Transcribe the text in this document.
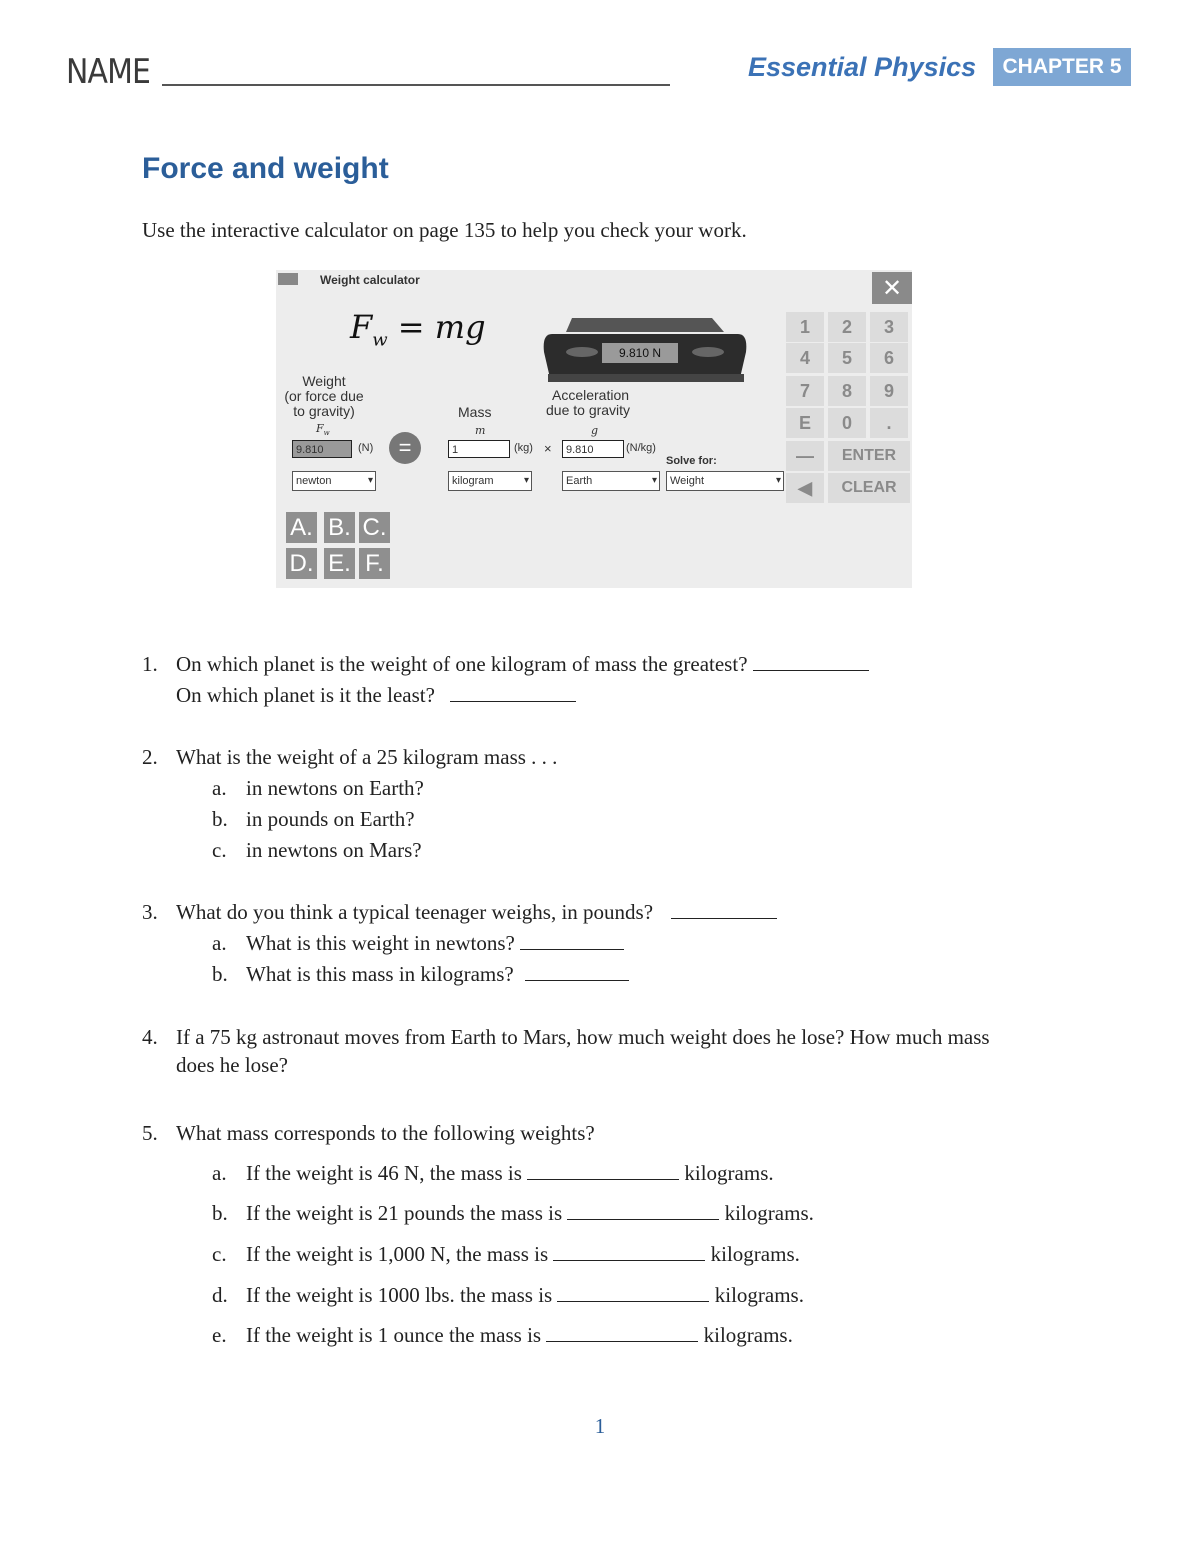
NAME	Essential Physics	CHAPTER 5
Force and weight
Use the interactive calculator on page 135 to help you check your work.
Weight calculator	✕
$F_w$ = mg
9.810 N
Weight
(or force due
to gravity)
$F_w$
Mass
m
Acceleration
due to gravity
g
9.810	(N)	=	1	(kg) ×	9.810	(N/kg)
Solve for:
newton ▾	kilogram ▾	Earth ▾	Weight ▾
1	2	3
4	5	6
7	8	9
E	0	.
—	ENTER
◀	CLEAR
A. B. C.
D. E. F.
1. On which planet is the weight of one kilogram of mass the greatest?
On which planet is it the least?
2. What is the weight of a 25 kilogram mass . . .
a. in newtons on Earth?
b. in pounds on Earth?
c. in newtons on Mars?
3. What do you think a typical teenager weighs, in pounds?
a. What is this weight in newtons?
b. What is this mass in kilograms?
4. If a 75 kg astronaut moves from Earth to Mars, how much weight does he lose? How much mass
does he lose?
5. What mass corresponds to the following weights?
a. If the weight is 46 N, the mass is	kilograms.
b. If the weight is 21 pounds the mass is	kilograms.
c. If the weight is 1,000 N, the mass is	kilograms.
d. If the weight is 1000 lbs. the mass is	kilograms.
e. If the weight is 1 ounce the mass is	kilograms.
1
